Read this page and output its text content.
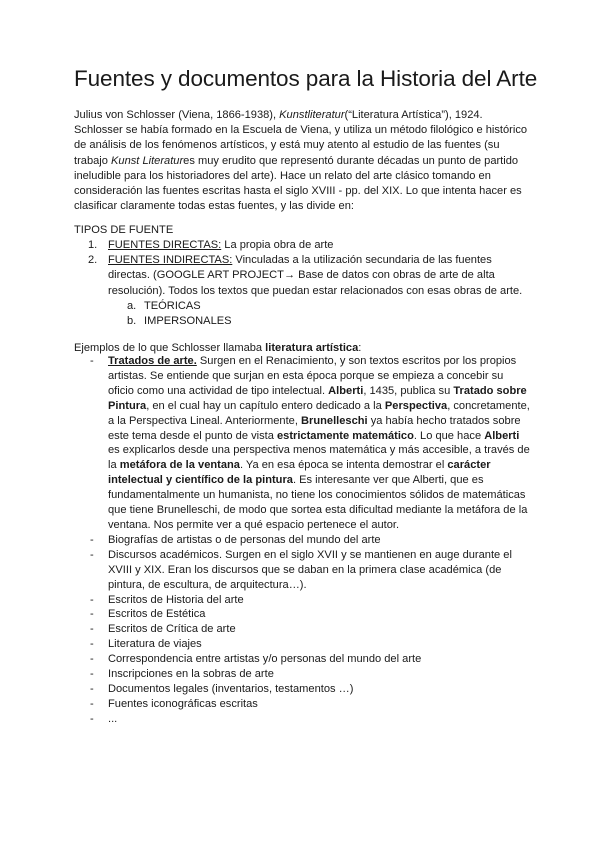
Fuentes y documentos para la Historia del Arte
Julius von Schlosser (Viena, 1866-1938), Kunstliteratur(“Literatura Artística”), 1924. Schlosser se había formado en la Escuela de Viena, y utiliza un método filológico e histórico de análisis de los fenómenos artísticos, y está muy atento al estudio de las fuentes (su trabajo Kunst Literatures muy erudito que representó durante décadas un punto de partido ineludible para los historiadores del arte). Hace un relato del arte clásico tomando en consideración las fuentes escritas hasta el siglo XVIII - pp. del XIX. Lo que intenta hacer es clasificar claramente todas estas fuentes, y las divide en:
TIPOS DE FUENTE
1. FUENTES DIRECTAS: La propia obra de arte
2. FUENTES INDIRECTAS: Vinculadas a la utilización secundaria de las fuentes directas. (GOOGLE ART PROJECT→ Base de datos con obras de arte de alta resolución). Todos los textos que puedan estar relacionados con esas obras de arte.
a. TEÓRICAS
b. IMPERSONALES
Ejemplos de lo que Schlosser llamaba literatura artística:
- Tratados de arte. Surgen en el Renacimiento, y son textos escritos por los propios artistas. Se entiende que surjan en esta época porque se empieza a concebir su oficio como una actividad de tipo intelectual. Alberti, 1435, publica su Tratado sobre Pintura, en el cual hay un capítulo entero dedicado a la Perspectiva, concretamente, a la Perspectiva Lineal. Anteriormente, Brunelleschi ya había hecho tratados sobre este tema desde el punto de vista estrictamente matemático. Lo que hace Alberti es explicarlos desde una perspectiva menos matemática y más accesible, a través de la metáfora de la ventana. Ya en esa época se intenta demostrar el carácter intelectual y científico de la pintura. Es interesante ver que Alberti, que es fundamentalmente un humanista, no tiene los conocimientos sólidos de matemáticas que tiene Brunelleschi, de modo que sortea esta dificultad mediante la metáfora de la ventana. Nos permite ver a qué espacio pertenece el autor.
- Biografías de artistas o de personas del mundo del arte
- Discursos académicos. Surgen en el siglo XVII y se mantienen en auge durante el XVIII y XIX. Eran los discursos que se daban en la primera clase académica (de pintura, de escultura, de arquitectura…).
- Escritos de Historia del arte
- Escritos de Estética
- Escritos de Crítica de arte
- Literatura de viajes
- Correspondencia entre artistas y/o personas del mundo del arte
- Inscripciones en la sobras de arte
- Documentos legales (inventarios, testamentos …)
- Fuentes iconográficas escritas
- ...
